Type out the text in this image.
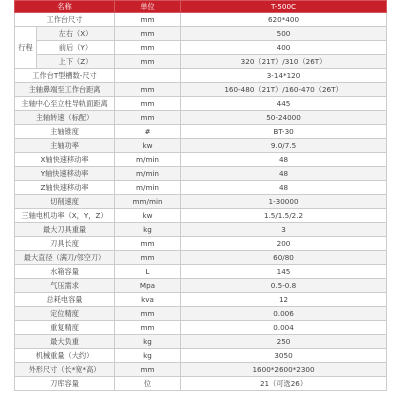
名称		单位	T-500C
工作台尺寸		mm	620*400
行程	左右（X）	mm	500
	前后（Y）	mm	400
	上下（Z）	mm	320（21T）/310（26T）
工作台T型槽数-尺寸			3-14*120
主轴鼻端至工作台距离		mm	160-480（21T）/160-470（26T）
主轴中心至立柱导轨面距离		mm	445
主轴转速（标配）		mm	50-24000
主轴锥度		#	BT-30
主轴功率		kw	9.0/7.5
X轴快速移动率		m/min	48
Y轴快速移动率		m/min	48
Z轴快速移动率		m/min	48
切削速度		mm/min	1-30000
三轴电机功率（X，Y，Z）		kw	1.5/1.5/2.2
最大刀具重量		kg	3
刀具长度		mm	200
最大直径（满刀/邻空刀）		mm	60/80
水箱容量		L	145
气压需求		Mpa	0.5-0.8
总耗电容量		kva	12
定位精度		mm	0.006
重复精度		mm	0.004
最大负重		kg	250
机械重量（大约）		kg	3050
外形尺寸（长*宽*高）		mm	1600*2600*2300
刀库容量		位	21（可选26）
